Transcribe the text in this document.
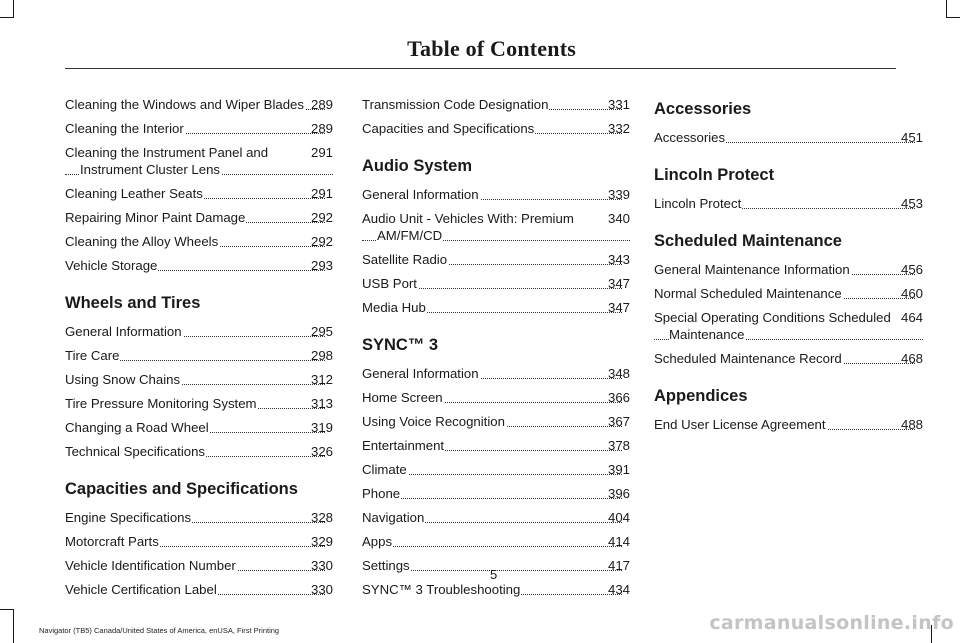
Table of Contents
289
Cleaning the Windows and Wiper Blades
289
Cleaning the Interior
291
Cleaning the Instrument Panel and Instrument Cluster Lens
291
Cleaning Leather Seats
292
Repairing Minor Paint Damage
292
Cleaning the Alloy Wheels
293
Vehicle Storage
Wheels and Tires
295
General Information
298
Tire Care
312
Using Snow Chains
313
Tire Pressure Monitoring System
319
Changing a Road Wheel
326
Technical Specifications
Capacities and Specifications
328
Engine Specifications
329
Motorcraft Parts
330
Vehicle Identification Number
330
Vehicle Certification Label
331
Transmission Code Designation
332
Capacities and Specifications
Audio System
339
General Information
340
Audio Unit - Vehicles With: Premium AM/FM/CD
343
Satellite Radio
347
USB Port
347
Media Hub
SYNC™ 3
348
General Information
366
Home Screen
367
Using Voice Recognition
378
Entertainment
391
Climate
396
Phone
404
Navigation
414
Apps
417
Settings
434
SYNC™ 3 Troubleshooting
Accessories
451
Accessories
Lincoln Protect
453
Lincoln Protect
Scheduled Maintenance
456
General Maintenance Information
460
Normal Scheduled Maintenance
464
Special Operating Conditions Scheduled Maintenance
468
Scheduled Maintenance Record
Appendices
488
End User License Agreement
5
Navigator (TB5) Canada/United States of America, enUSA, First Printing	carmanualsonline.info
